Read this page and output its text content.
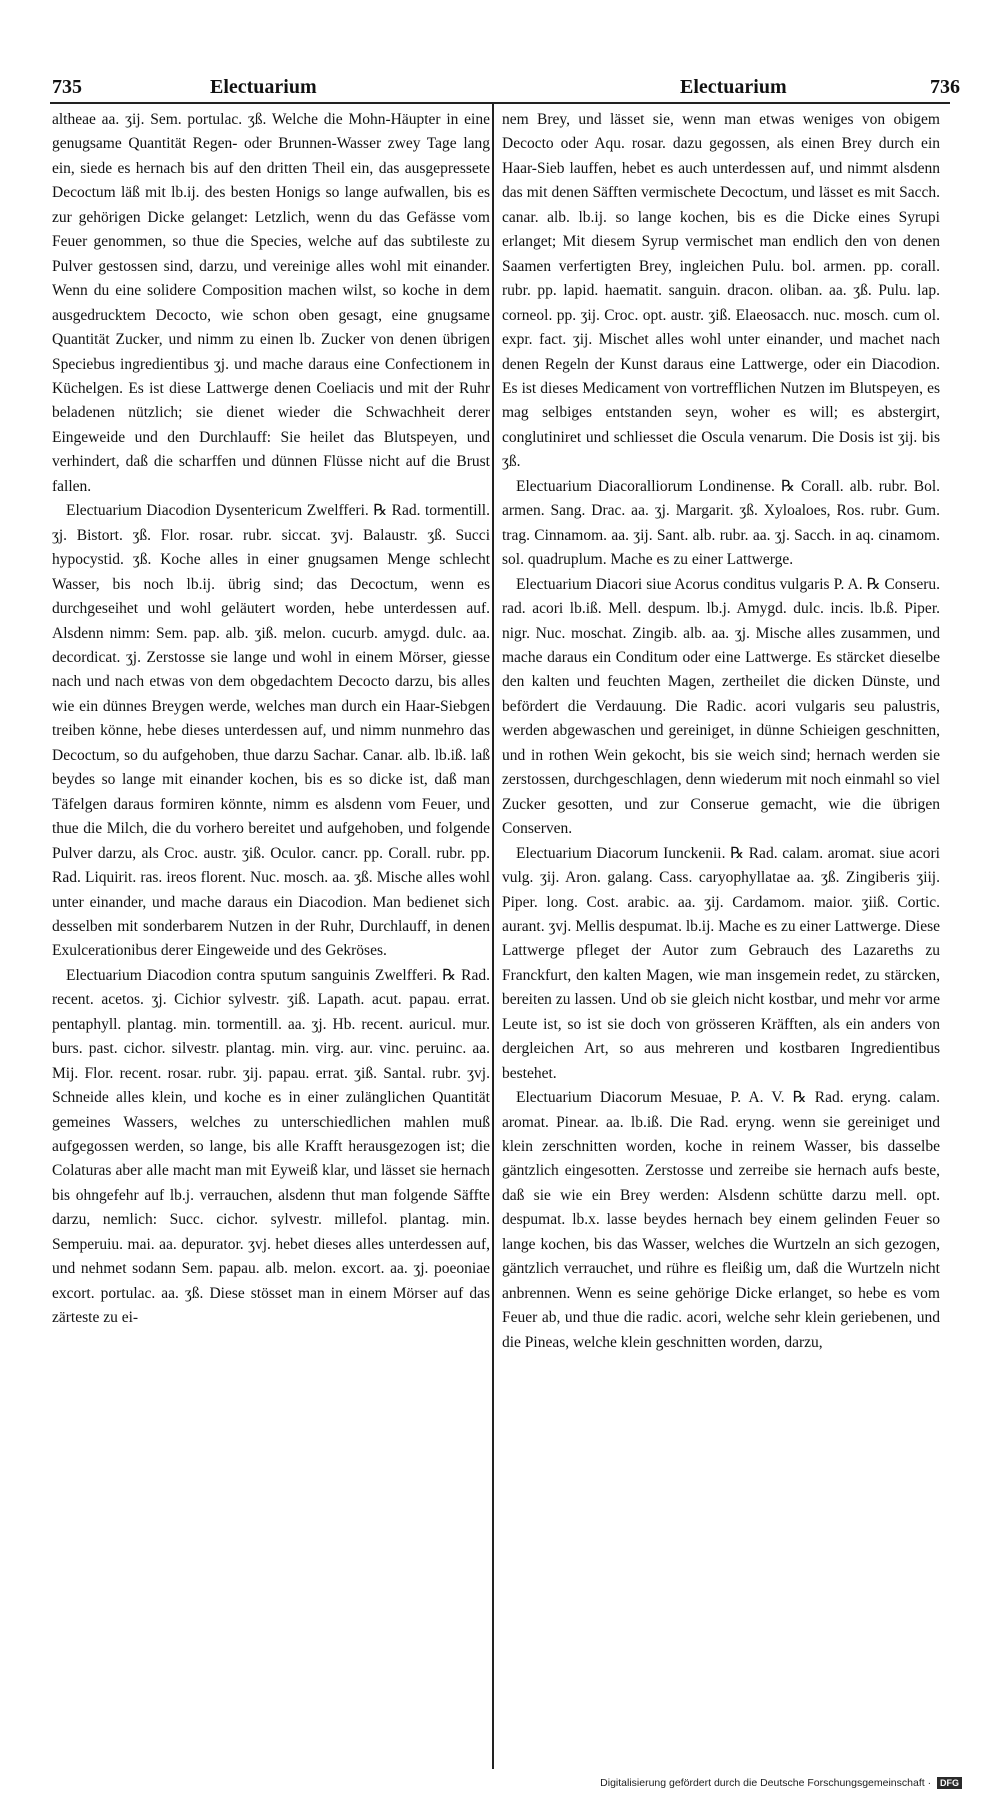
735	Electuarium	Electuarium	736

altheae aa. ʒij. Sem. portulac. ʒß. Welche die Mohn-Häupter in eine genugsame Quantität Regen- oder Brunnen-Wasser zwey Tage lang ein, siede es hernach bis auf den dritten Theil ein, das ausgepressete Decoctum läß mit lb.ij. des besten Honigs so lange aufwallen, bis es zur gehörigen Dicke gelanget: Letzlich, wenn du das Gefässe vom Feuer genommen, so thue die Species, welche auf das subtileste zu Pulver gestossen sind, darzu, und vereinige alles wohl mit einander. Wenn du eine solidere Composition machen wilst, so koche in dem ausgedrucktem Decocto, wie schon oben gesagt, eine gnugsame Quantität Zucker, und nimm zu einen lb. Zucker von denen übrigen Speciebus ingredientibus ʒj. und mache daraus eine Confectionem in Küchelgen. Es ist diese Lattwerge denen Coeliacis und mit der Ruhr beladenen nützlich; sie dienet wieder die Schwachheit derer Eingeweide und den Durchlauff: Sie heilet das Blutspeyen, und verhindert, daß die scharffen und dünnen Flüsse nicht auf die Brust fallen.

Electuarium Diacodion Dysentericum Zwelfferi. ℞ Rad. tormentill. ʒj. Bistort. ʒß. Flor. rosar. rubr. siccat. ʒvj. Balaustr. ʒß. Succi hypocystid. ʒß. Koche alles in einer gnugsamen Menge schlecht Wasser, bis noch lb.ij. übrig sind; das Decoctum, wenn es durchgeseihet und wohl geläutert worden, hebe unterdessen auf. Alsdenn nimm: Sem. pap. alb. ʒiß. melon. cucurb. amygd. dulc. aa. decordicat. ʒj. Zerstosse sie lange und wohl in einem Mörser, giesse nach und nach etwas von dem obgedachtem Decocto darzu, bis alles wie ein dünnes Breygen werde, welches man durch ein Haar-Siebgen treiben könne, hebe dieses unterdessen auf, und nimm nunmehro das Decoctum, so du aufgehoben, thue darzu Sachar. Canar. alb. lb.iß. laß beydes so lange mit einander kochen, bis es so dicke ist, daß man Täfelgen daraus formiren könnte, nimm es alsdenn vom Feuer, und thue die Milch, die du vorhero bereitet und aufgehoben, und folgende Pulver darzu, als Croc. austr. ʒiß. Oculor. cancr. pp. Corall. rubr. pp. Rad. Liquirit. ras. ireos florent. Nuc. mosch. aa. ʒß. Mische alles wohl unter einander, und mache daraus ein Diacodion. Man bedienet sich desselben mit sonderbarem Nutzen in der Ruhr, Durchlauff, in denen Exulcerationibus derer Eingeweide und des Gekröses.

Electuarium Diacodion contra sputum sanguinis Zwelfferi. ℞ Rad. recent. acetos. ʒj. Cichior sylvestr. ʒiß. Lapath. acut. papau. errat. pentaphyll. plantag. min. tormentill. aa. ʒj. Hb. recent. auricul. mur. burs. past. cichor. silvestr. plantag. min. virg. aur. vinc. peruinc. aa. Mij. Flor. recent. rosar. rubr. ʒij. papau. errat. ʒiß. Santal. rubr. ʒvj. Schneide alles klein, und koche es in einer zulänglichen Quantität gemeines Wassers, welches zu unterschiedlichen mahlen muß aufgegossen werden, so lange, bis alle Krafft herausgezogen ist; die Colaturas aber alle macht man mit Eyweiß klar, und lässet sie hernach bis ohngefehr auf lb.j. verrauchen, alsdenn thut man folgende Säffte darzu, nemlich: Succ. cichor. sylvestr. millefol. plantag. min. Semperuiu. mai. aa. depurator. ʒvj. hebet dieses alles unterdessen auf, und nehmet sodann Sem. papau. alb. melon. excort. aa. ʒj. poeoniae excort. portulac. aa. ʒß. Diese stösset man in einem Mörser auf das zärteste zu ei-

nem Brey, und lässet sie, wenn man etwas weniges von obigem Decocto oder Aqu. rosar. dazu gegossen, als einen Brey durch ein Haar-Sieb lauffen, hebet es auch unterdessen auf, und nimmt alsdenn das mit denen Säfften vermischete Decoctum, und lässet es mit Sacch. canar. alb. lb.ij. so lange kochen, bis es die Dicke eines Syrupi erlanget; Mit diesem Syrup vermischet man endlich den von denen Saamen verfertigten Brey, ingleichen Pulu. bol. armen. pp. corall. rubr. pp. lapid. haematit. sanguin. dracon. oliban. aa. ʒß. Pulu. lap. corneol. pp. ʒij. Croc. opt. austr. ʒiß. Elaeosacch. nuc. mosch. cum ol. expr. fact. ʒij. Mischet alles wohl unter einander, und machet nach denen Regeln der Kunst daraus eine Lattwerge, oder ein Diacodion. Es ist dieses Medicament von vortrefflichen Nutzen im Blutspeyen, es mag selbiges entstanden seyn, woher es will; es abstergirt, conglutiniret und schliesset die Oscula venarum. Die Dosis ist ʒij. bis ʒß.

Electuarium Diacoralliorum Londinense. ℞ Corall. alb. rubr. Bol. armen. Sang. Drac. aa. ʒj. Margarit. ʒß. Xyloaloes, Ros. rubr. Gum. trag. Cinnamom. aa. ʒij. Sant. alb. rubr. aa. ʒj. Sacch. in aq. cinamom. sol. quadruplum. Mache es zu einer Lattwerge.

Electuarium Diacori siue Acorus conditus vulgaris P. A. ℞ Conseru. rad. acori lb.iß. Mell. despum. lb.j. Amygd. dulc. incis. lb.ß. Piper. nigr. Nuc. moschat. Zingib. alb. aa. ʒj. Mische alles zusammen, und mache daraus ein Conditum oder eine Lattwerge. Es stärcket dieselbe den kalten und feuchten Magen, zertheilet die dicken Dünste, und befördert die Verdauung. Die Radic. acori vulgaris seu palustris, werden abgewaschen und gereiniget, in dünne Schieigen geschnitten, und in rothen Wein gekocht, bis sie weich sind; hernach werden sie zerstossen, durchgeschlagen, denn wiederum mit noch einmahl so viel Zucker gesotten, und zur Conserue gemacht, wie die übrigen Conserven.

Electuarium Diacorum Iunckenii. ℞ Rad. calam. aromat. siue acori vulg. ʒij. Aron. galang. Cass. caryophyllatae aa. ʒß. Zingiberis ʒiij. Piper. long. Cost. arabic. aa. ʒij. Cardamom. maior. ʒiiß. Cortic. aurant. ʒvj. Mellis despumat. lb.ij. Mache es zu einer Lattwerge. Diese Lattwerge pfleget der Autor zum Gebrauch des Lazareths zu Franckfurt, den kalten Magen, wie man insgemein redet, zu stärcken, bereiten zu lassen. Und ob sie gleich nicht kostbar, und mehr vor arme Leute ist, so ist sie doch von grösseren Kräfften, als ein anders von dergleichen Art, so aus mehreren und kostbaren Ingredientibus bestehet.

Electuarium Diacorum Mesuae, P. A. V. ℞ Rad. eryng. calam. aromat. Pinear. aa. lb.iß. Die Rad. eryng. wenn sie gereiniget und klein zerschnitten worden, koche in reinem Wasser, bis dasselbe gäntzlich eingesotten. Zerstosse und zerreibe sie hernach aufs beste, daß sie wie ein Brey werden: Alsdenn schütte darzu mell. opt. despumat. lb.x. lasse beydes hernach bey einem gelinden Feuer so lange kochen, bis das Wasser, welches die Wurtzeln an sich gezogen, gäntzlich verrauchet, und rühre es fleißig um, daß die Wurtzeln nicht anbrennen. Wenn es seine gehörige Dicke erlanget, so hebe es vom Feuer ab, und thue die radic. acori, welche sehr klein geriebenen, und die Pineas, welche klein geschnitten worden, darzu,

Digitalisierung gefördert durch die Deutsche Forschungsgemeinschaft · DFG
